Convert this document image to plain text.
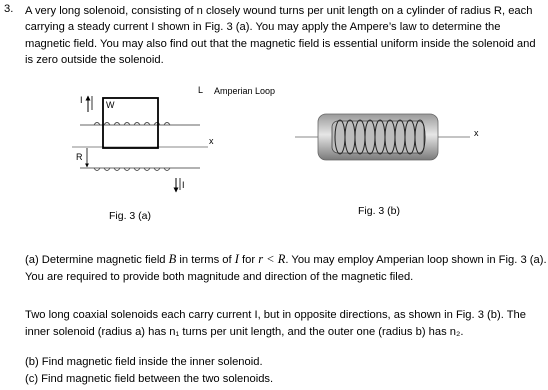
3. A very long solenoid, consisting of n closely wound turns per unit length on a cylinder of radius R, each carrying a steady current I shown in Fig. 3 (a). You may apply the Ampere’s law to determine the magnetic field. You may also find out that the magnetic field is essential uniform inside the solenoid and is zero outside the solenoid.
L Amperian Loop
W
I
R
x
I
Fig. 3 (a)
x
Fig. 3 (b)
(a) Determine magnetic field B in terms of I for r < R. You may employ Amperian loop shown in Fig. 3 (a). You are required to provide both magnitude and direction of the magnetic filed.
Two long coaxial solenoids each carry current I, but in opposite directions, as shown in Fig. 3 (b). The inner solenoid (radius a) has n₁ turns per unit length, and the outer one (radius b) has n₂.
(b) Find magnetic field inside the inner solenoid.
(c) Find magnetic field between the two solenoids.
